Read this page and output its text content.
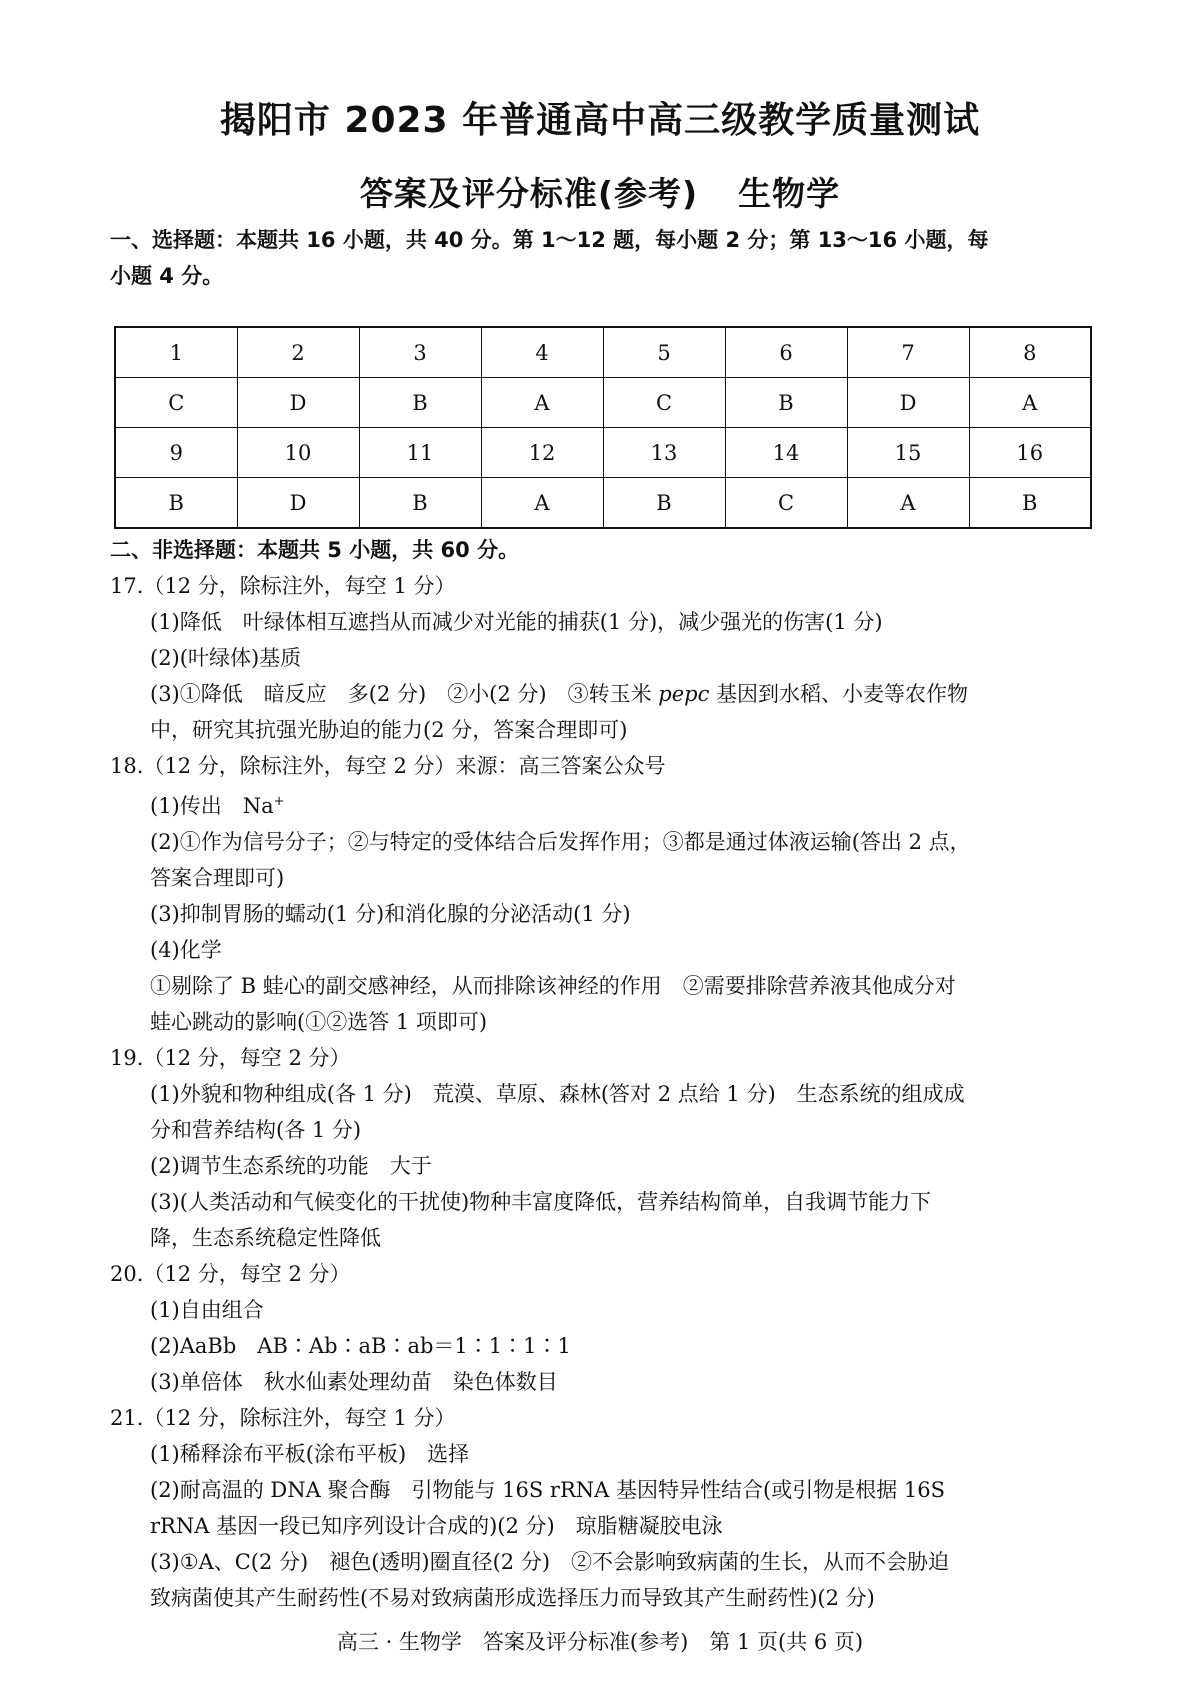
揭阳市 2023 年普通高中高三级教学质量测试
答案及评分标准(参考) 生物学
一、选择题：本题共 16 小题，共 40 分。第 1～12 题，每小题 2 分；第 13～16 小题，每
小题 4 分。
1	2	3	4	5	6	7	8
C	D	B	A	C	B	D	A
9	10	11	12	13	14	15	16
B	D	B	A	B	C	A	B
二、非选择题：本题共 5 小题，共 60 分。
17.（12 分，除标注外，每空 1 分）
(1)降低　叶绿体相互遮挡从而减少对光能的捕获(1 分)，减少强光的伤害(1 分)
(2)(叶绿体)基质
(3)①降低　暗反应　多(2 分)　②小(2 分)　③转玉米 pepc 基因到水稻、小麦等农作物
中，研究其抗强光胁迫的能力(2 分，答案合理即可)
18.（12 分，除标注外，每空 2 分）来源：高三答案公众号
(1)传出　Na+
(2)①作为信号分子；②与特定的受体结合后发挥作用；③都是通过体液运输(答出 2 点，
答案合理即可)
(3)抑制胃肠的蠕动(1 分)和消化腺的分泌活动(1 分)
(4)化学
①剔除了 B 蛙心的副交感神经，从而排除该神经的作用　②需要排除营养液其他成分对
蛙心跳动的影响(①②选答 1 项即可)
19.（12 分，每空 2 分）
(1)外貌和物种组成(各 1 分)　荒漠、草原、森林(答对 2 点给 1 分)　生态系统的组成成
分和营养结构(各 1 分)
(2)调节生态系统的功能　大于
(3)(人类活动和气候变化的干扰使)物种丰富度降低，营养结构简单，自我调节能力下
降，生态系统稳定性降低
20.（12 分，每空 2 分）
(1)自由组合
(2)AaBb　AB∶Ab∶aB∶ab＝1∶1∶1∶1
(3)单倍体　秋水仙素处理幼苗　染色体数目
21.（12 分，除标注外，每空 1 分）
(1)稀释涂布平板(涂布平板)　选择
(2)耐高温的 DNA 聚合酶　引物能与 16S rRNA 基因特异性结合(或引物是根据 16S
rRNA 基因一段已知序列设计合成的)(2 分)　琼脂糖凝胶电泳
(3)①A、C(2 分)　褪色(透明)圈直径(2 分)　②不会影响致病菌的生长，从而不会胁迫
致病菌使其产生耐药性(不易对致病菌形成选择压力而导致其产生耐药性)(2 分)
高三 · 生物学　答案及评分标准(参考)　第 1 页(共 6 页)
